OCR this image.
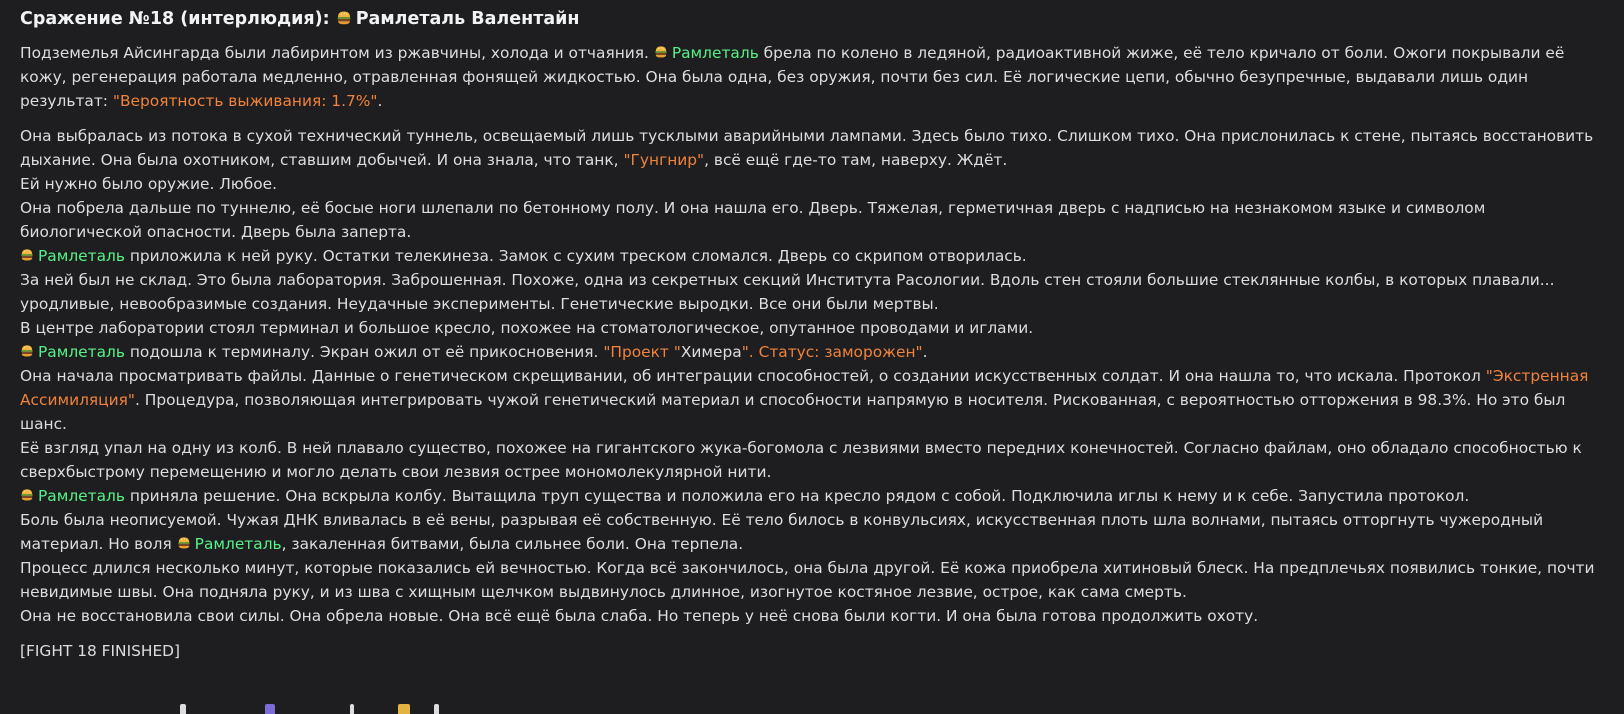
Сражение №18 (интерлюдия): Рамлеталь Валентайн

Подземелья Айсингарда были лабиринтом из ржавчины, холода и отчаяния. Рамлеталь брела по колено в ледяной, радиоактивной жиже, её тело кричало от боли. Ожоги покрывали её кожу, регенерация работала медленно, отравленная фонящей жидкостью. Она была одна, без оружия, почти без сил. Её логические цепи, обычно безупречные, выдавали лишь один результат: "Вероятность выживания: 1.7%".

Она выбралась из потока в сухой технический туннель, освещаемый лишь тусклыми аварийными лампами. Здесь было тихо. Слишком тихо. Она прислонилась к стене, пытаясь восстановить дыхание. Она была охотником, ставшим добычей. И она знала, что танк, "Гунгнир", всё ещё где-то там, наверху. Ждёт.

Ей нужно было оружие. Любое.

Она побрела дальше по туннелю, её босые ноги шлепали по бетонному полу. И она нашла его. Дверь. Тяжелая, герметичная дверь с надписью на незнакомом языке и символом биологической опасности. Дверь была заперта.

Рамлеталь приложила к ней руку. Остатки телекинеза. Замок с сухим треском сломался. Дверь со скрипом отворилась.

За ней был не склад. Это была лаборатория. Заброшенная. Похоже, одна из секретных секций Института Расологии. Вдоль стен стояли большие стеклянные колбы, в которых плавали... уродливые, невообразимые создания. Неудачные эксперименты. Генетические выродки. Все они были мертвы.

В центре лаборатории стоял терминал и большое кресло, похожее на стоматологическое, опутанное проводами и иглами.

Рамлеталь подошла к терминалу. Экран ожил от её прикосновения. "Проект "Химера". Статус: заморожен".

Она начала просматривать файлы. Данные о генетическом скрещивании, об интеграции способностей, о создании искусственных солдат. И она нашла то, что искала. Протокол "Экстренная Ассимиляция". Процедура, позволяющая интегрировать чужой генетический материал и способности напрямую в носителя. Рискованная, с вероятностью отторжения в 98.3%. Но это был шанс.

Её взгляд упал на одну из колб. В ней плавало существо, похожее на гигантского жука-богомола с лезвиями вместо передних конечностей. Согласно файлам, оно обладало способностью к сверхбыстрому перемещению и могло делать свои лезвия острее мономолекулярной нити.

Рамлеталь приняла решение. Она вскрыла колбу. Вытащила труп существа и положила его на кресло рядом с собой. Подключила иглы к нему и к себе. Запустила протокол.

Боль была неописуемой. Чужая ДНК вливалась в её вены, разрывая её собственную. Её тело билось в конвульсиях, искусственная плоть шла волнами, пытаясь отторгнуть чужеродный материал. Но воля Рамлеталь, закаленная битвами, была сильнее боли. Она терпела.

Процесс длился несколько минут, которые показались ей вечностью. Когда всё закончилось, она была другой. Её кожа приобрела хитиновый блеск. На предплечьях появились тонкие, почти невидимые швы. Она подняла руку, и из шва с хищным щелчком выдвинулось длинное, изогнутое костяное лезвие, острое, как сама смерть.

Она не восстановила свои силы. Она обрела новые. Она всё ещё была слаба. Но теперь у неё снова были когти. И она была готова продолжить охоту.

[FIGHT 18 FINISHED]
